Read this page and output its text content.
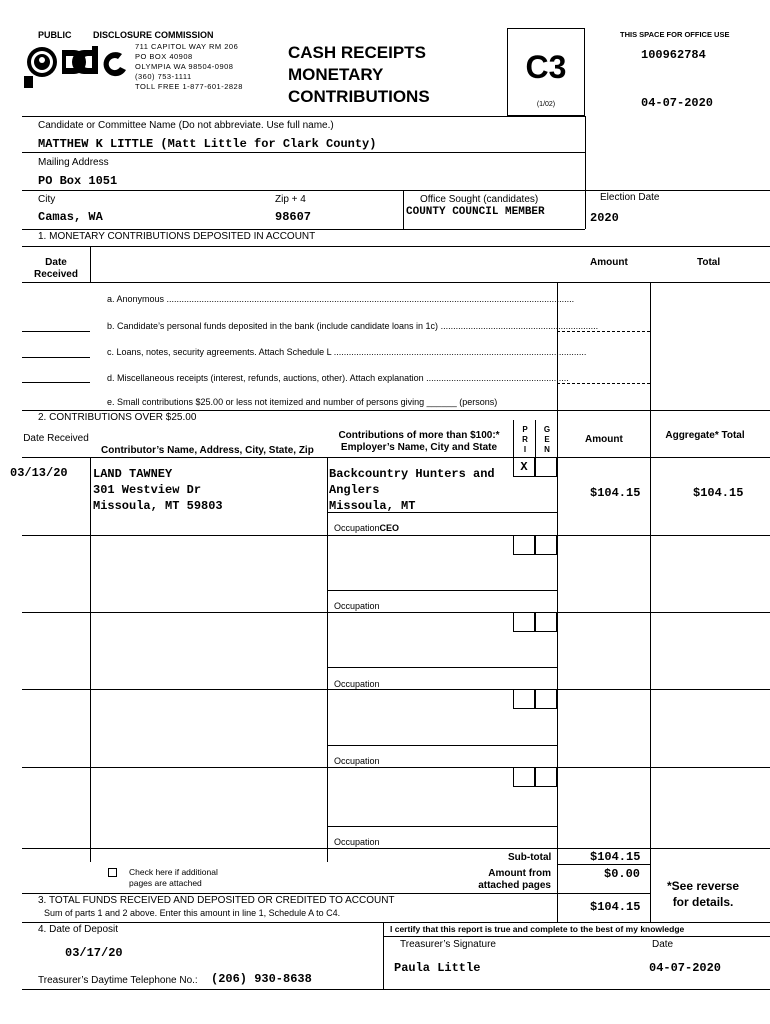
PUBLIC DISCLOSURE COMMISSION
711 CAPITOL WAY RM 206
PO BOX 40908
OLYMPIA WA 98504-0908
(360) 753-1111
TOLL FREE 1-877-601-2828
CASH RECEIPTS
MONETARY
CONTRIBUTIONS
C3
(1/02)
THIS SPACE FOR OFFICE USE
100962784
04-07-2020
Candidate or Committee Name (Do not abbreviate. Use full name.)
MATTHEW K LITTLE (Matt Little for Clark County)
Mailing Address
PO Box 1051
City
Camas, WA
Zip + 4
98607
Office Sought (candidates)
COUNTY COUNCIL MEMBER
Election Date
2020
1. MONETARY CONTRIBUTIONS DEPOSITED IN ACCOUNT
Date Received
Amount	Total
a. Anonymous ...................................................................................................................................................................
b. Candidate’s personal funds deposited in the bank (include candidate loans in 1c) ...............................................................
c. Loans, notes, security agreements. Attach Schedule L .....................................................................................................
d. Miscellaneous receipts (interest, refunds, auctions, other). Attach explanation .........................................................
e. Small contributions $25.00 or less not itemized and number of persons giving ______ (persons)
2. CONTRIBUTIONS OVER $25.00
Date Received
Contributor’s Name, Address, City, State, Zip
Contributions of more than $100:*
Employer’s Name, City and State
P R I
G E N
Amount	Aggregate* Total
03/13/20 LAND TAWNEY
301 Westview Dr
Missoula, MT 59803
Backcountry Hunters and
Anglers
Missoula, MT
X
OccupationCEO
$104.15	$104.15
Occupation
Occupation
Occupation
Occupation
Check here if additional
pages are attached
Sub-total	$104.15
Amount from
attached pages
$0.00
*See reverse
for details.
3. TOTAL FUNDS RECEIVED AND DEPOSITED OR CREDITED TO ACCOUNT
Sum of parts 1 and 2 above. Enter this amount in line 1, Schedule A to C4.	$104.15
4. Date of Deposit
03/17/20
Treasurer’s Daytime Telephone No.: (206) 930-8638
I certify that this report is true and complete to the best of my knowledge
Treasurer’s Signature	Date
Paula Little	04-07-2020
